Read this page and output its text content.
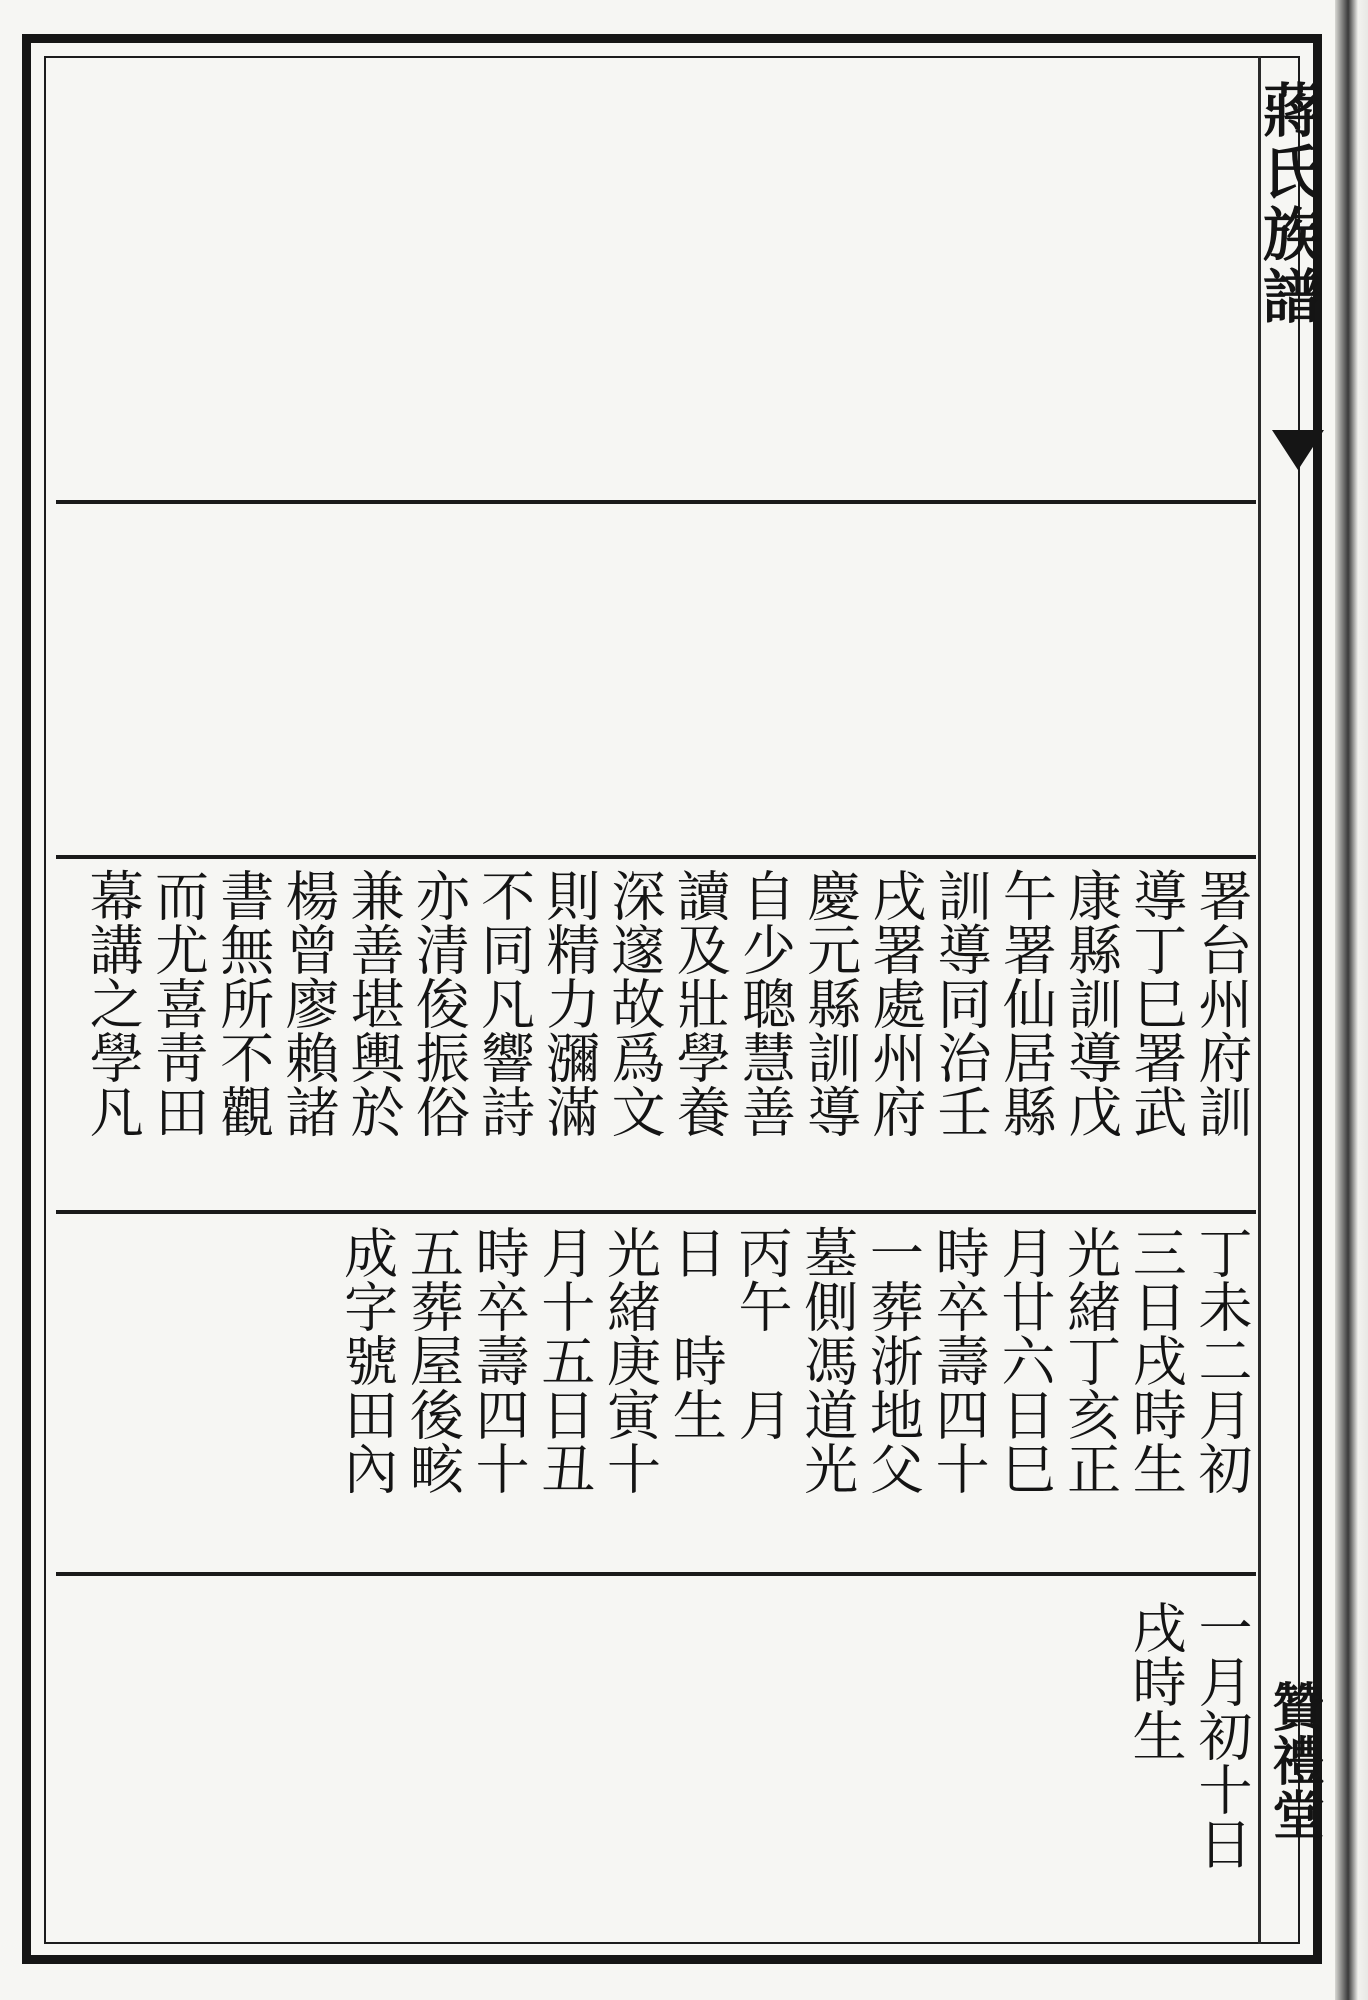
蔣氏族譜
贊禮堂
署台州府訓
導丁巳署武
康縣訓導戊
午署仙居縣
訓導同治壬
戌署處州府
慶元縣訓導
自少聰慧善
讀及壯學養
深邃故爲文
則精力瀰滿
不同凡響詩
亦清俊振俗
兼善堪輿於
楊曾廖賴諸
書無所不觀
而尤喜靑田
幕講之學凡
丁未二月初
三日戌時生
光緒丁亥正
月廿六日巳
時卒壽四十
一葬浙地父
墓側馮道光
丙午　月
日　時生
光緒庚寅十
月十五日丑
時卒壽四十
五葬屋後畡
成字號田內
一月初十日
戌時生
